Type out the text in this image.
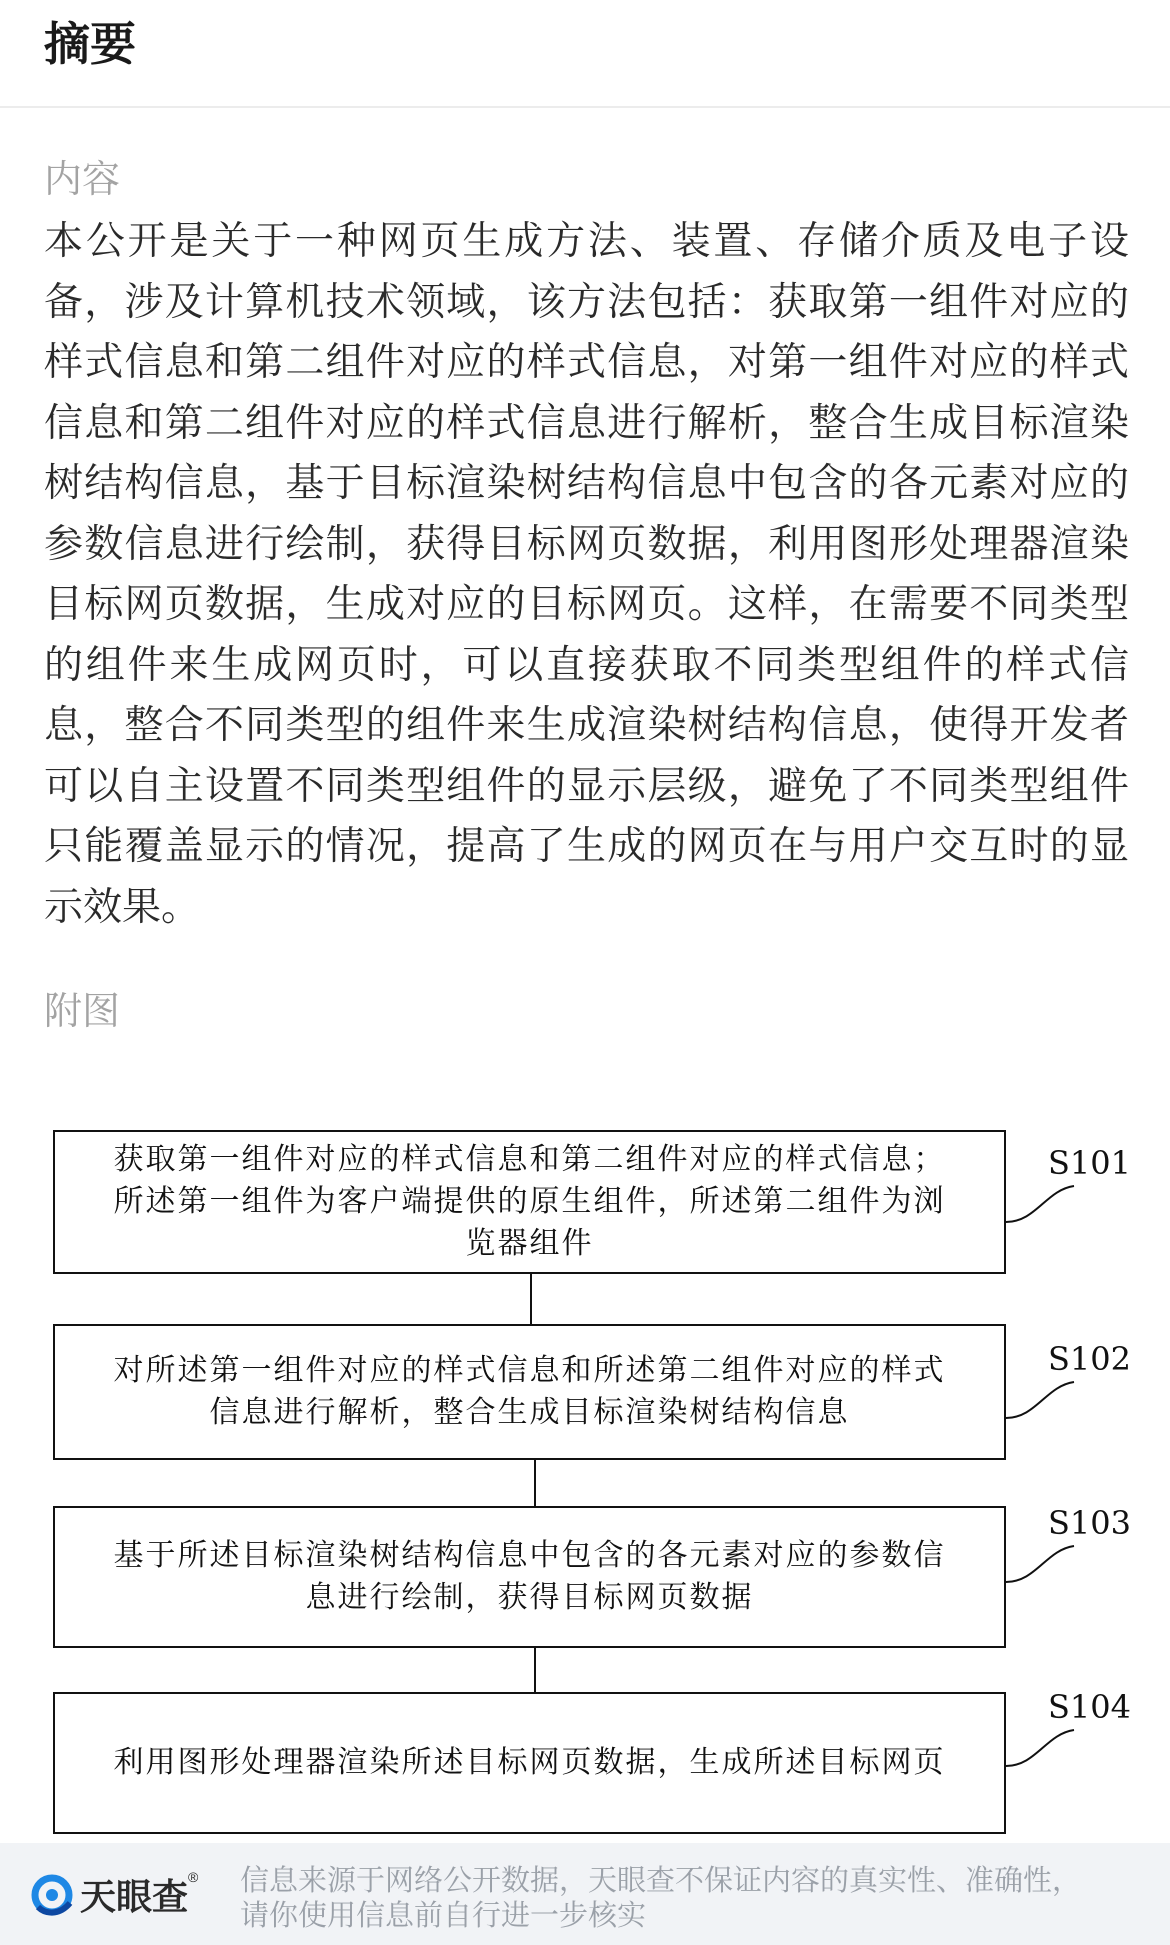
摘要
内容

本公开是关于一种网页生成方法、装置、存储介质及电子设备，涉及计算机技术领域，该方法包括：获取第一组件对应的样式信息和第二组件对应的样式信息，对第一组件对应的样式信息和第二组件对应的样式信息进行解析，整合生成目标渲染树结构信息，基于目标渲染树结构信息中包含的各元素对应的参数信息进行绘制，获得目标网页数据，利用图形处理器渲染目标网页数据，生成对应的目标网页。这样，在需要不同类型的组件来生成网页时，可以直接获取不同类型组件的样式信息，整合不同类型的组件来生成渲染树结构信息，使得开发者可以自主设置不同类型组件的显示层级，避免了不同类型组件只能覆盖显示的情况，提高了生成的网页在与用户交互时的显示效果。

附图
获取第一组件对应的样式信息和第二组件对应的样式信息；
所述第一组件为客户端提供的原生组件，所述第二组件为浏
览器组件
S101
对所述第一组件对应的样式信息和所述第二组件对应的样式
信息进行解析，整合生成目标渲染树结构信息
S102
基于所述目标渲染树结构信息中包含的各元素对应的参数信
息进行绘制，获得目标网页数据
S103
利用图形处理器渲染所述目标网页数据，生成所述目标网页
S104
天眼查® 信息来源于网络公开数据，天眼查不保证内容的真实性、准确性，
请你使用信息前自行进一步核实
